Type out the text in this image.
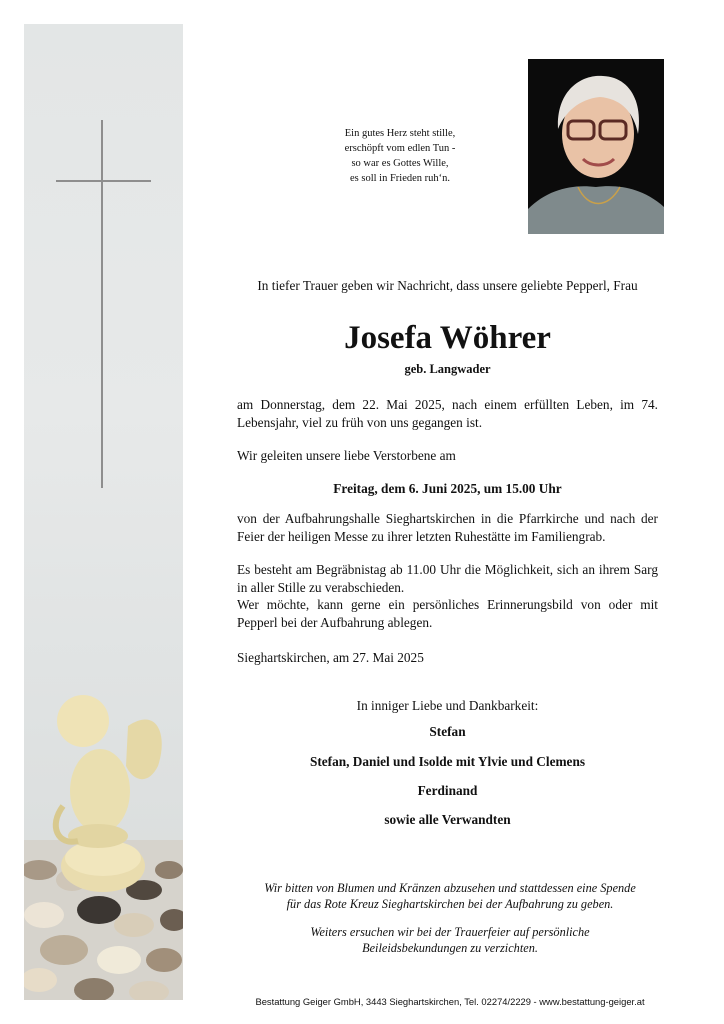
Ein gutes Herz steht stille,
erschöpft vom edlen Tun -
so war es Gottes Wille,
es soll in Frieden ruh‘n.
In tiefer Trauer geben wir Nachricht, dass unsere geliebte Pepperl, Frau
Josefa Wöhrer
geb. Langwader
am Donnerstag, dem 22. Mai 2025, nach einem erfüllten Leben, im 74. Lebensjahr, viel zu früh von uns gegangen ist.
Wir geleiten unsere liebe Verstorbene am
Freitag, dem 6. Juni 2025, um 15.00 Uhr
von der Aufbahrungshalle Sieghartskirchen in die Pfarrkirche und nach der Feier der heiligen Messe zu ihrer letzten Ruhestätte im Familiengrab.
Es besteht am Begräbnistag ab 11.00 Uhr die Möglichkeit, sich an ihrem Sarg in aller Stille zu verabschieden.
Wer möchte, kann gerne ein persönliches Erinnerungsbild von oder mit Pepperl bei der Aufbahrung ablegen.
Sieghartskirchen, am 27. Mai 2025
In inniger Liebe und Dankbarkeit:
Stefan
Stefan, Daniel und Isolde mit Ylvie und Clemens
Ferdinand
sowie alle Verwandten
Wir bitten von Blumen und Kränzen abzusehen und stattdessen eine Spende
für das Rote Kreuz Sieghartskirchen bei der Aufbahrung zu geben.
Weiters ersuchen wir bei der Trauerfeier auf persönliche
Beileidsbekundungen zu verzichten.
Bestattung Geiger GmbH, 3443 Sieghartskirchen, Tel. 02274/2229 - www.bestattung-geiger.at
